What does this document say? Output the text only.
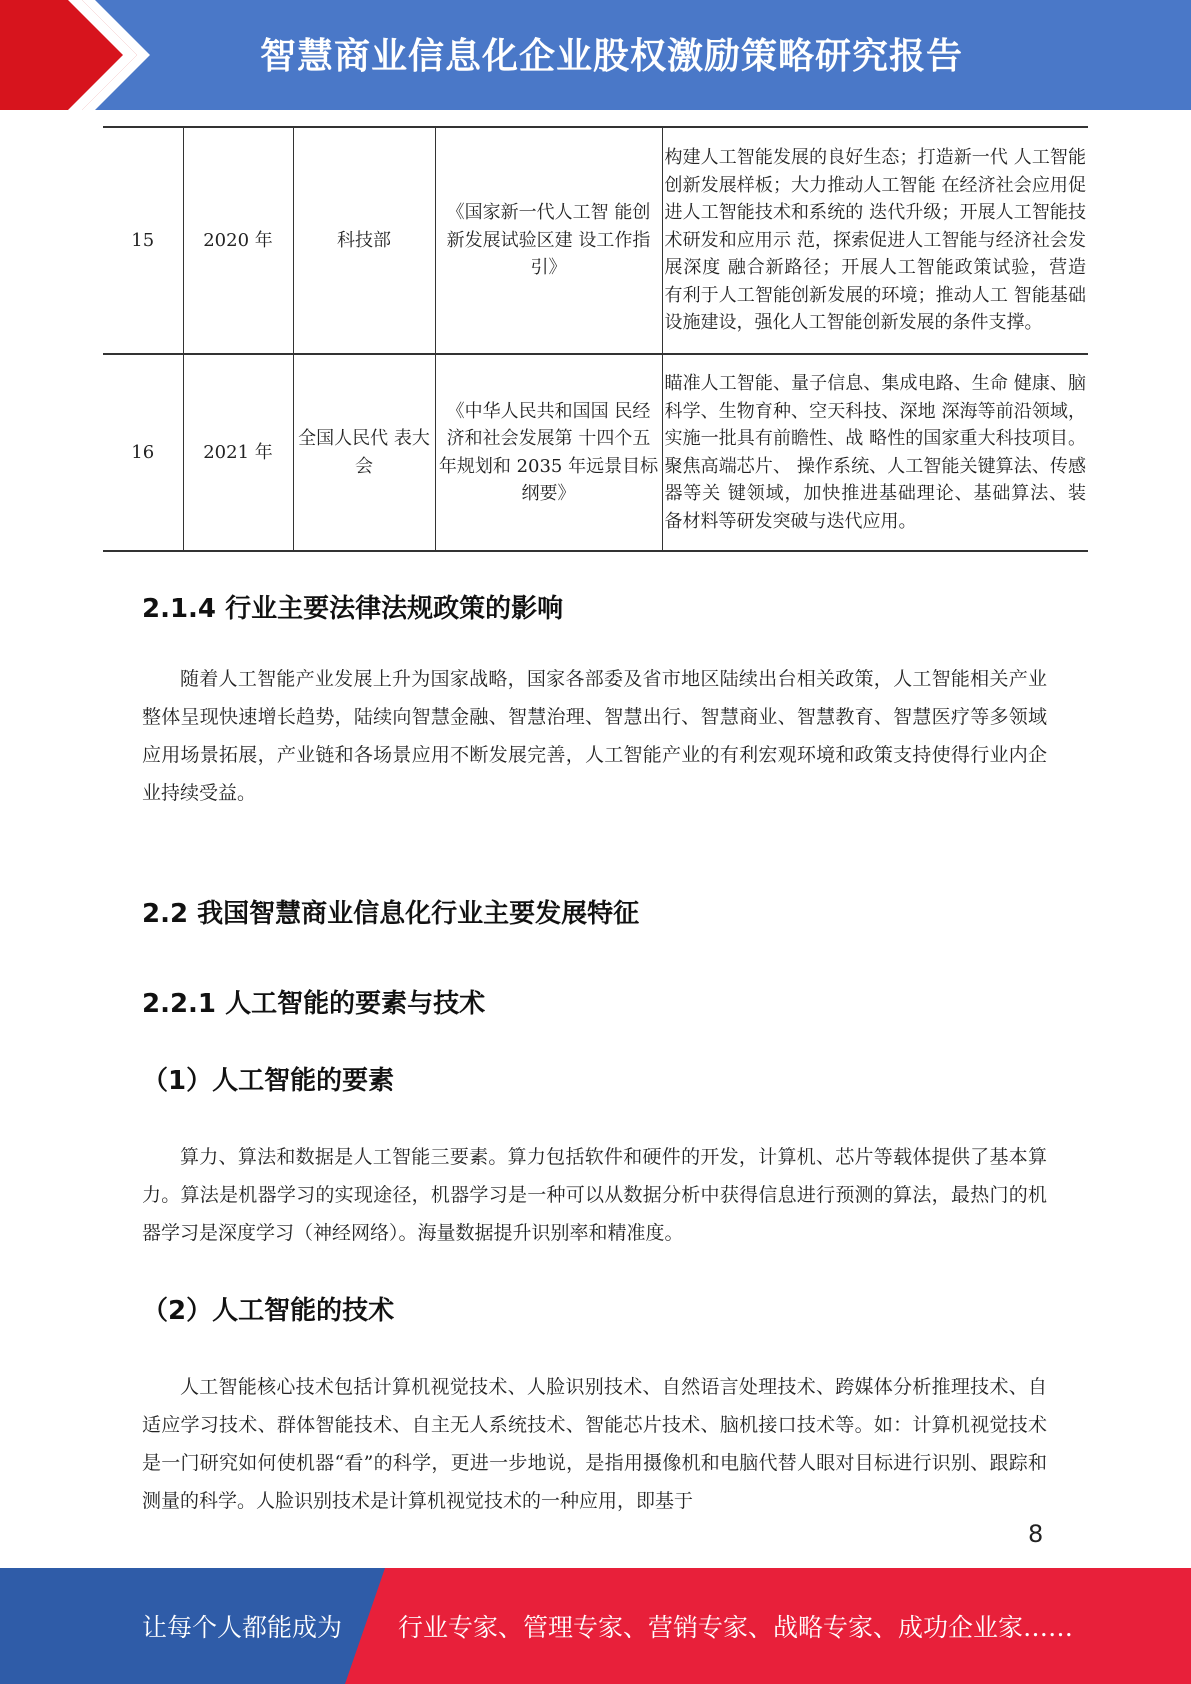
智慧商业信息化企业股权激励策略研究报告
15	2020 年	科技部	《国家新一代人工智 能创新发展试验区建 设工作指引》	构建人工智能发展的良好生态；打造新一代 人工智能创新发展样板；大力推动人工智能 在经济社会应用促进人工智能技术和系统的 迭代升级；开展人工智能技术研发和应用示 范，探索促进人工智能与经济社会发展深度 融合新路径；开展人工智能政策试验，营造 有利于人工智能创新发展的环境；推动人工 智能基础设施建设，强化人工智能创新发展的条件支撑。
16	2021 年	全国人民代 表大会	《中华人民共和国国 民经济和社会发展第 十四个五年规划和 2035 年远景目标纲要》	瞄准人工智能、量子信息、集成电路、生命 健康、脑科学、生物育种、空天科技、深地 深海等前沿领域，实施一批具有前瞻性、战 略性的国家重大科技项目。聚焦高端芯片、 操作系统、人工智能关键算法、传感器等关 键领域，加快推进基础理论、基础算法、装 备材料等研发突破与迭代应用。
2.1.4 行业主要法律法规政策的影响
随着人工智能产业发展上升为国家战略，国家各部委及省市地区陆续出台相关政策，人工智能相关产业整体呈现快速增长趋势，陆续向智慧金融、智慧治理、智慧出行、智慧商业、智慧教育、智慧医疗等多领域应用场景拓展，产业链和各场景应用不断发展完善，人工智能产业的有利宏观环境和政策支持使得行业内企业持续受益。
2.2 我国智慧商业信息化行业主要发展特征
2.2.1 人工智能的要素与技术
（1）人工智能的要素
算力、算法和数据是人工智能三要素。算力包括软件和硬件的开发，计算机、芯片等载体提供了基本算力。算法是机器学习的实现途径，机器学习是一种可以从数据分析中获得信息进行预测的算法，最热门的机器学习是深度学习（神经网络）。海量数据提升识别率和精准度。
（2）人工智能的技术
人工智能核心技术包括计算机视觉技术、人脸识别技术、自然语言处理技术、跨媒体分析推理技术、自适应学习技术、群体智能技术、自主无人系统技术、智能芯片技术、脑机接口技术等。如：计算机视觉技术是一门研究如何使机器“看”的科学，更进一步地说，是指用摄像机和电脑代替人眼对目标进行识别、跟踪和测量的科学。人脸识别技术是计算机视觉技术的一种应用，即基于
8
让每个人都能成为 行业专家、管理专家、营销专家、战略专家、成功企业家……
